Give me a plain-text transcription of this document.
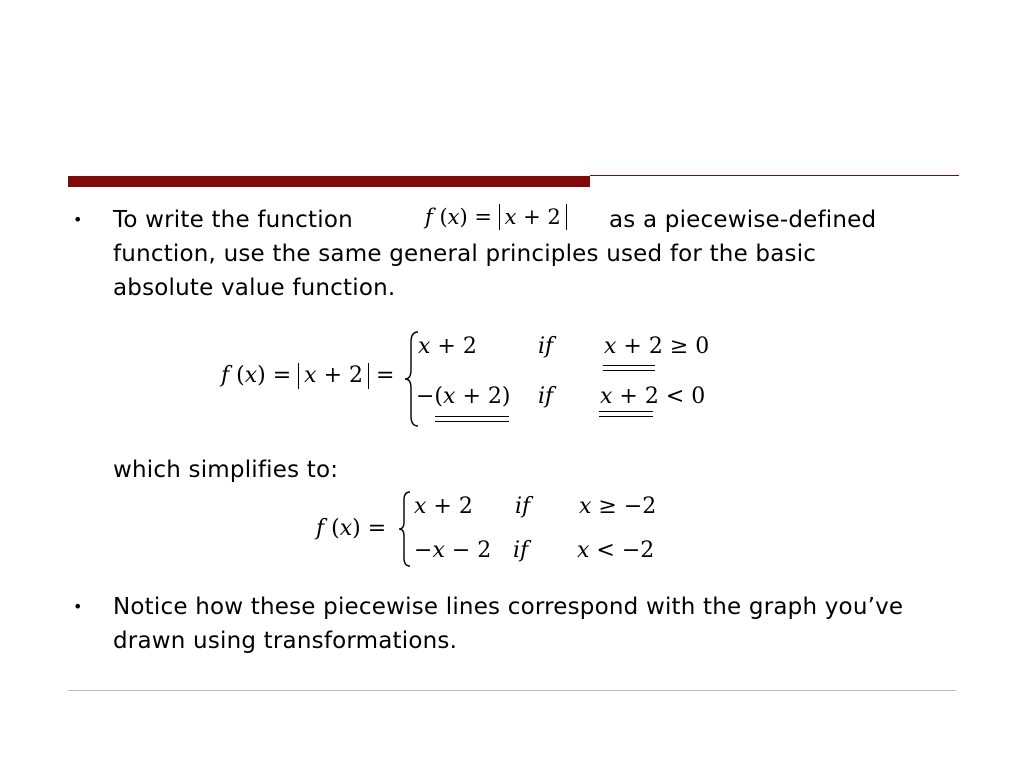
• To write the function	f (x) = x + 2 as a piecewise-defined
function, use the same general principles used for the basic absolute value function.
f (x) = x + 2 =
x + 2	if x + 2 ≥ 0
−(x + 2) if x + 2 < 0
which simplifies to:
f (x) =
x + 2 if x ≥ −2
−x − 2 if x < −2
• Notice how these piecewise lines correspond with the graph you’ve drawn using transformations.
